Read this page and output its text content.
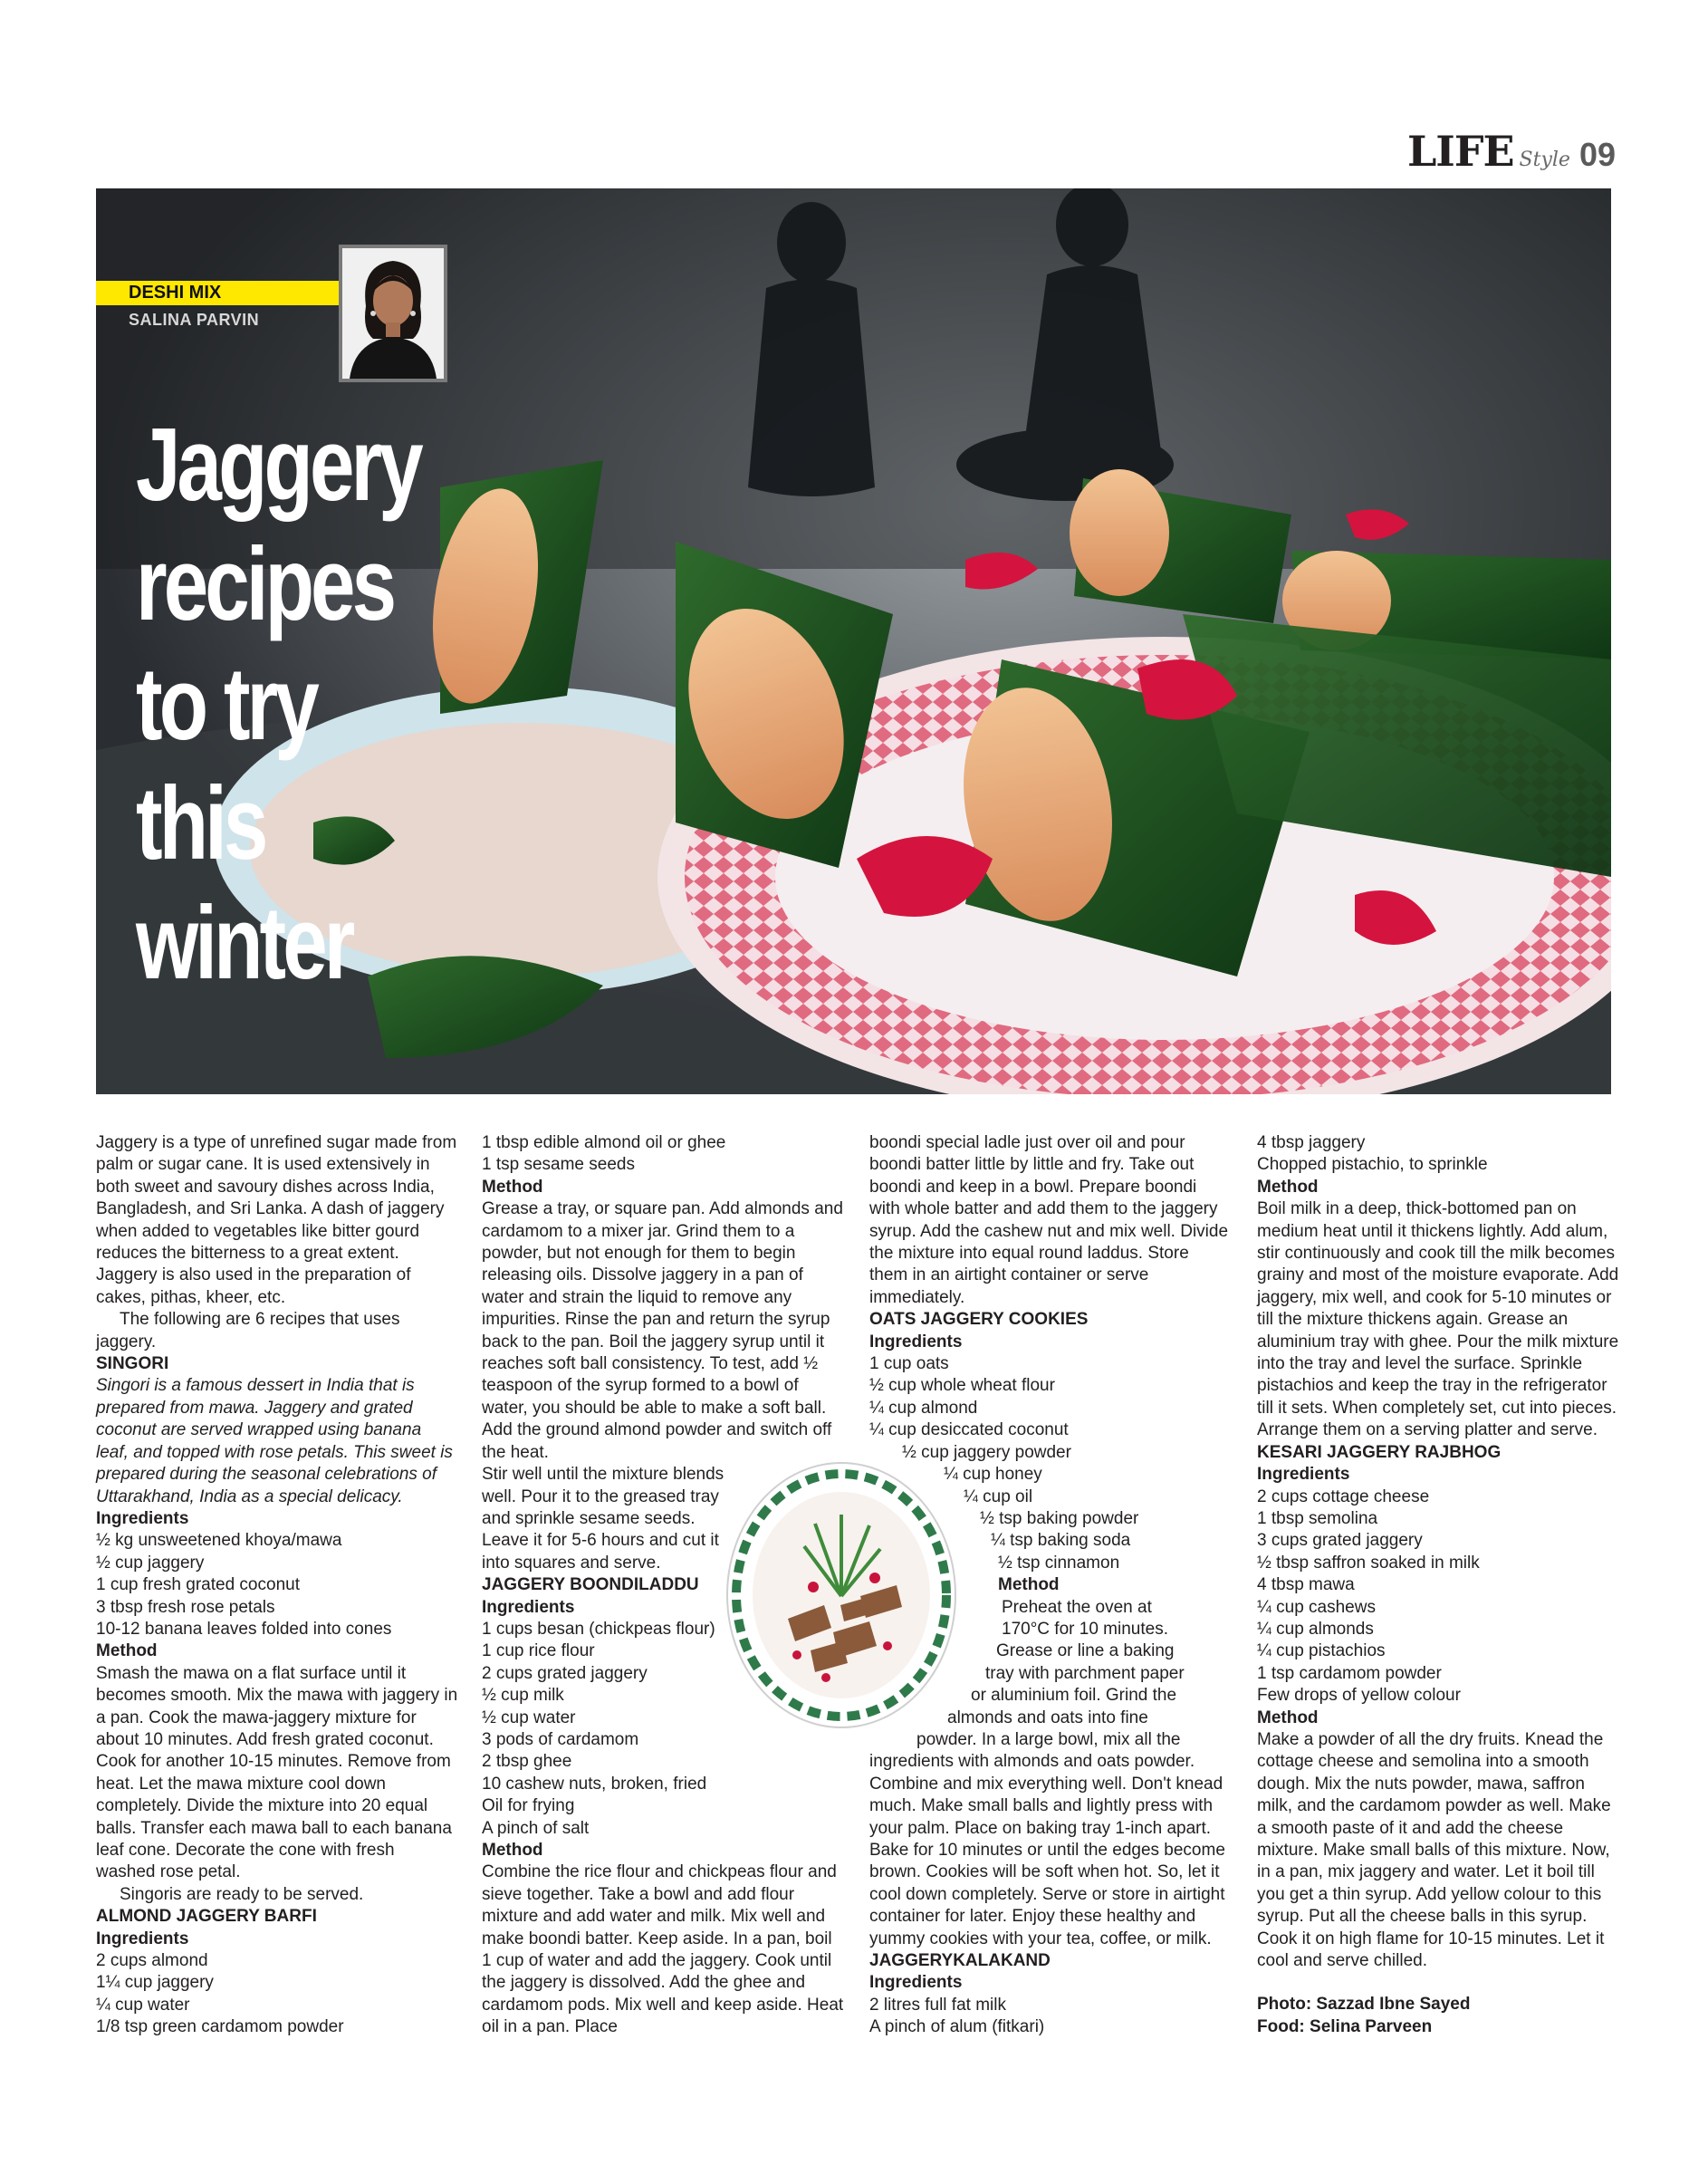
LIFE Style 09
DESHI MIX
SALINA PARVIN
Jaggery
recipes
to try
this
winter

Jaggery is a type of unrefined sugar made from palm or sugar cane. It is used extensively in both sweet and savoury dishes across India, Bangladesh, and Sri Lanka. A dash of jaggery when added to vegetables like bitter gourd reduces the bitterness to a great extent. Jaggery is also used in the preparation of cakes, pithas, kheer, etc.

The following are 6 recipes that uses jaggery.

SINGORI

Singori is a famous dessert in India that is prepared from mawa. Jaggery and grated coconut are served wrapped using banana leaf, and topped with rose petals. This sweet is prepared during the seasonal celebrations of Uttarakhand, India as a special delicacy.

Ingredients

½ kg unsweetened khoya/mawa

½ cup jaggery

1 cup fresh grated coconut

3 tbsp fresh rose petals

10-12 banana leaves folded into cones

Method

Smash the mawa on a flat surface until it becomes smooth. Mix the mawa with jaggery in a pan. Cook the mawa-jaggery mixture for about 10 minutes. Add fresh grated coconut. Cook for another 10-15 minutes. Remove from heat. Let the mawa mixture cool down completely. Divide the mixture into 20 equal balls. Transfer each mawa ball to each banana leaf cone. Decorate the cone with fresh washed rose petal.

Singoris are ready to be served.

ALMOND JAGGERY BARFI

Ingredients

2 cups almond

1¼ cup jaggery

¼ cup water

1/8 tsp green cardamom powder

1 tbsp edible almond oil or ghee

1 tsp sesame seeds

Method

Grease a tray, or square pan. Add almonds and cardamom to a mixer jar. Grind them to a powder, but not enough for them to begin releasing oils. Dissolve jaggery in a pan of water and strain the liquid to remove any impurities. Rinse the pan and return the syrup back to the pan. Boil the jaggery syrup until it reaches soft ball consistency. To test, add ½ teaspoon of the syrup formed to a bowl of water, you should be able to make a soft ball. Add the ground almond powder and switch off the heat.

Stir well until the mixture blends well. Pour it to the greased tray and sprinkle sesame seeds. Leave it for 5-6 hours and cut it into squares and serve.

JAGGERY BOONDILADDU

Ingredients

1 cups besan (chickpeas flour)

1 cup rice flour

2 cups grated jaggery

½ cup milk

½ cup water

3 pods of cardamom

2 tbsp ghee

10 cashew nuts, broken, fried

Oil for frying

A pinch of salt

Method

Combine the rice flour and chickpeas flour and sieve together. Take a bowl and add flour mixture and add water and milk. Mix well and make boondi batter. Keep aside. In a pan, boil 1 cup of water and add the jaggery. Cook until the jaggery is dissolved. Add the ghee and cardamom pods. Mix well and keep aside. Heat oil in a pan. Place

boondi special ladle just over oil and pour boondi batter little by little and fry. Take out boondi and keep in a bowl. Prepare boondi with whole batter and add them to the jaggery syrup. Add the cashew nut and mix well. Divide the mixture into equal round laddus. Store them in an airtight container or serve immediately.

OATS JAGGERY COOKIES

Ingredients

1 cup oats

½ cup whole wheat flour

¼ cup almond

¼ cup desiccated coconut

½ cup jaggery powder

¼ cup honey

¼ cup oil

½ tsp baking powder

¼ tsp baking soda

½ tsp cinnamon

Method

Preheat the oven at

170°C for 10 minutes.

Grease or line a baking

tray with parchment paper

or aluminium foil. Grind the

almonds and oats into fine

powder. In a large bowl, mix all the

ingredients with almonds and oats powder. Combine and mix everything well. Don't knead much. Make small balls and lightly press with your palm. Place on baking tray 1-inch apart. Bake for 10 minutes or until the edges become brown. Cookies will be soft when hot. So, let it cool down completely. Serve or store in airtight container for later. Enjoy these healthy and yummy cookies with your tea, coffee, or milk.

JAGGERYKALAKAND

Ingredients

2 litres full fat milk

A pinch of alum (fitkari)

4 tbsp jaggery

Chopped pistachio, to sprinkle

Method

Boil milk in a deep, thick-bottomed pan on medium heat until it thickens lightly. Add alum, stir continuously and cook till the milk becomes grainy and most of the moisture evaporate. Add jaggery, mix well, and cook for 5-10 minutes or till the mixture thickens again. Grease an aluminium tray with ghee. Pour the milk mixture into the tray and level the surface. Sprinkle pistachios and keep the tray in the refrigerator till it sets. When completely set, cut into pieces. Arrange them on a serving platter and serve.

KESARI JAGGERY RAJBHOG

Ingredients

2 cups cottage cheese

1 tbsp semolina

3 cups grated jaggery

½ tbsp saffron soaked in milk

4 tbsp mawa

¼ cup cashews

¼ cup almonds

¼ cup pistachios

1 tsp cardamom powder

Few drops of yellow colour

Method

Make a powder of all the dry fruits. Knead the cottage cheese and semolina into a smooth dough. Mix the nuts powder, mawa, saffron milk, and the cardamom powder as well. Make a smooth paste of it and add the cheese mixture. Make small balls of this mixture. Now, in a pan, mix jaggery and water. Let it boil till you get a thin syrup. Add yellow colour to this syrup. Put all the cheese balls in this syrup. Cook it on high flame for 10-15 minutes. Let it cool and serve chilled.

Photo: Sazzad Ibne Sayed

Food: Selina Parveen
